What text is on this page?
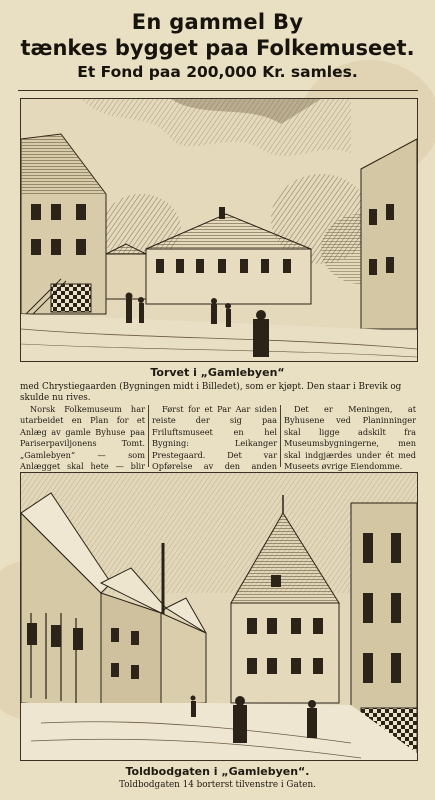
En gammel By
tænkes bygget paa Folkemuseet.
Et Fond paa 200,000 Kr. samles.
Torvet i „Gamlebyen“
med Chrystiegaarden (Bygningen midt i Billedet), som er kjøpt. Den staar i Brevik og skulde nu rives.

Norsk Folkemuseum har utarbeidet en Plan for et Anlæg av gamle Byhuse paa Pariserpaviljonens Tomt. „Gamlebyen“ — som Anlægget skal hete — blir

Først for et Par Aar siden reiste der sig paa Friluftsmuseet en hel Bygning: Leikanger Prestegaard. Det var Opførelse av den anden

Det er Meningen, at Byhusene ved Planinninger skal ligge adskilt fra Museumsbygningerne, men skal indgjærdes under ét med Museets øvrige Eiendomme.

Toldbodgaten i „Gamlebyen“.
Toldbodgaten 14 borterst tilvenstre i Gaten.
